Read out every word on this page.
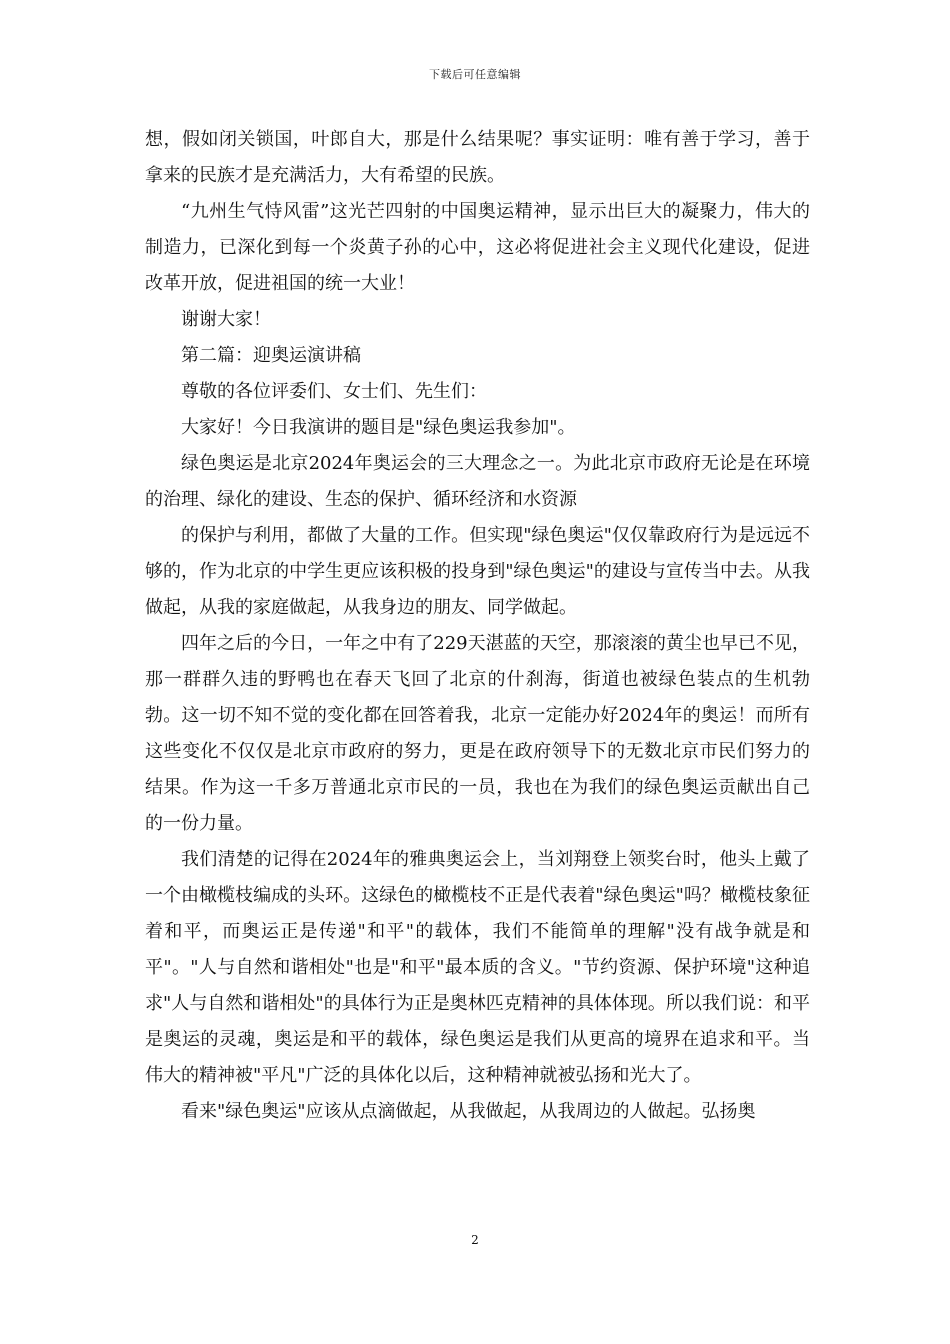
下载后可任意编辑

想，假如闭关锁国，叶郎自大，那是什么结果呢？事实证明：唯有善于学习，善于拿来的民族才是充满活力，大有希望的民族。

“九州生气恃风雷”这光芒四射的中国奥运精神，显示出巨大的凝聚力，伟大的制造力，已深化到每一个炎黄子孙的心中，这必将促进社会主义现代化建设，促进改革开放，促进祖国的统一大业！

谢谢大家！

第二篇：迎奥运演讲稿

尊敬的各位评委们、女士们、先生们：

大家好！今日我演讲的题目是"绿色奥运我参加"。

绿色奥运是北京2024年奥运会的三大理念之一。为此北京市政府无论是在环境的治理、绿化的建设、生态的保护、循环经济和水资源

的保护与利用，都做了大量的工作。但实现"绿色奥运"仅仅靠政府行为是远远不够的，作为北京的中学生更应该积极的投身到"绿色奥运"的建设与宣传当中去。从我做起，从我的家庭做起，从我身边的朋友、同学做起。

四年之后的今日，一年之中有了229天湛蓝的天空，那滚滚的黄尘也早已不见，那一群群久违的野鸭也在春天飞回了北京的什刹海，街道也被绿色装点的生机勃勃。这一切不知不觉的变化都在回答着我，北京一定能办好2024年的奥运！而所有这些变化不仅仅是北京市政府的努力，更是在政府领导下的无数北京市民们努力的结果。作为这一千多万普通北京市民的一员，我也在为我们的绿色奥运贡献出自己的一份力量。

我们清楚的记得在2024年的雅典奥运会上，当刘翔登上领奖台时，他头上戴了一个由橄榄枝编成的头环。这绿色的橄榄枝不正是代表着"绿色奥运"吗？橄榄枝象征着和平，而奥运正是传递"和平"的载体，我们不能简单的理解"没有战争就是和平"。"人与自然和谐相处"也是"和平"最本质的含义。"节约资源、保护环境"这种追求"人与自然和谐相处"的具体行为正是奥林匹克精神的具体体现。所以我们说：和平是奥运的灵魂，奥运是和平的载体，绿色奥运是我们从更高的境界在追求和平。当伟大的精神被"平凡"广泛的具体化以后，这种精神就被弘扬和光大了。

看来"绿色奥运"应该从点滴做起，从我做起，从我周边的人做起。弘扬奥

2
